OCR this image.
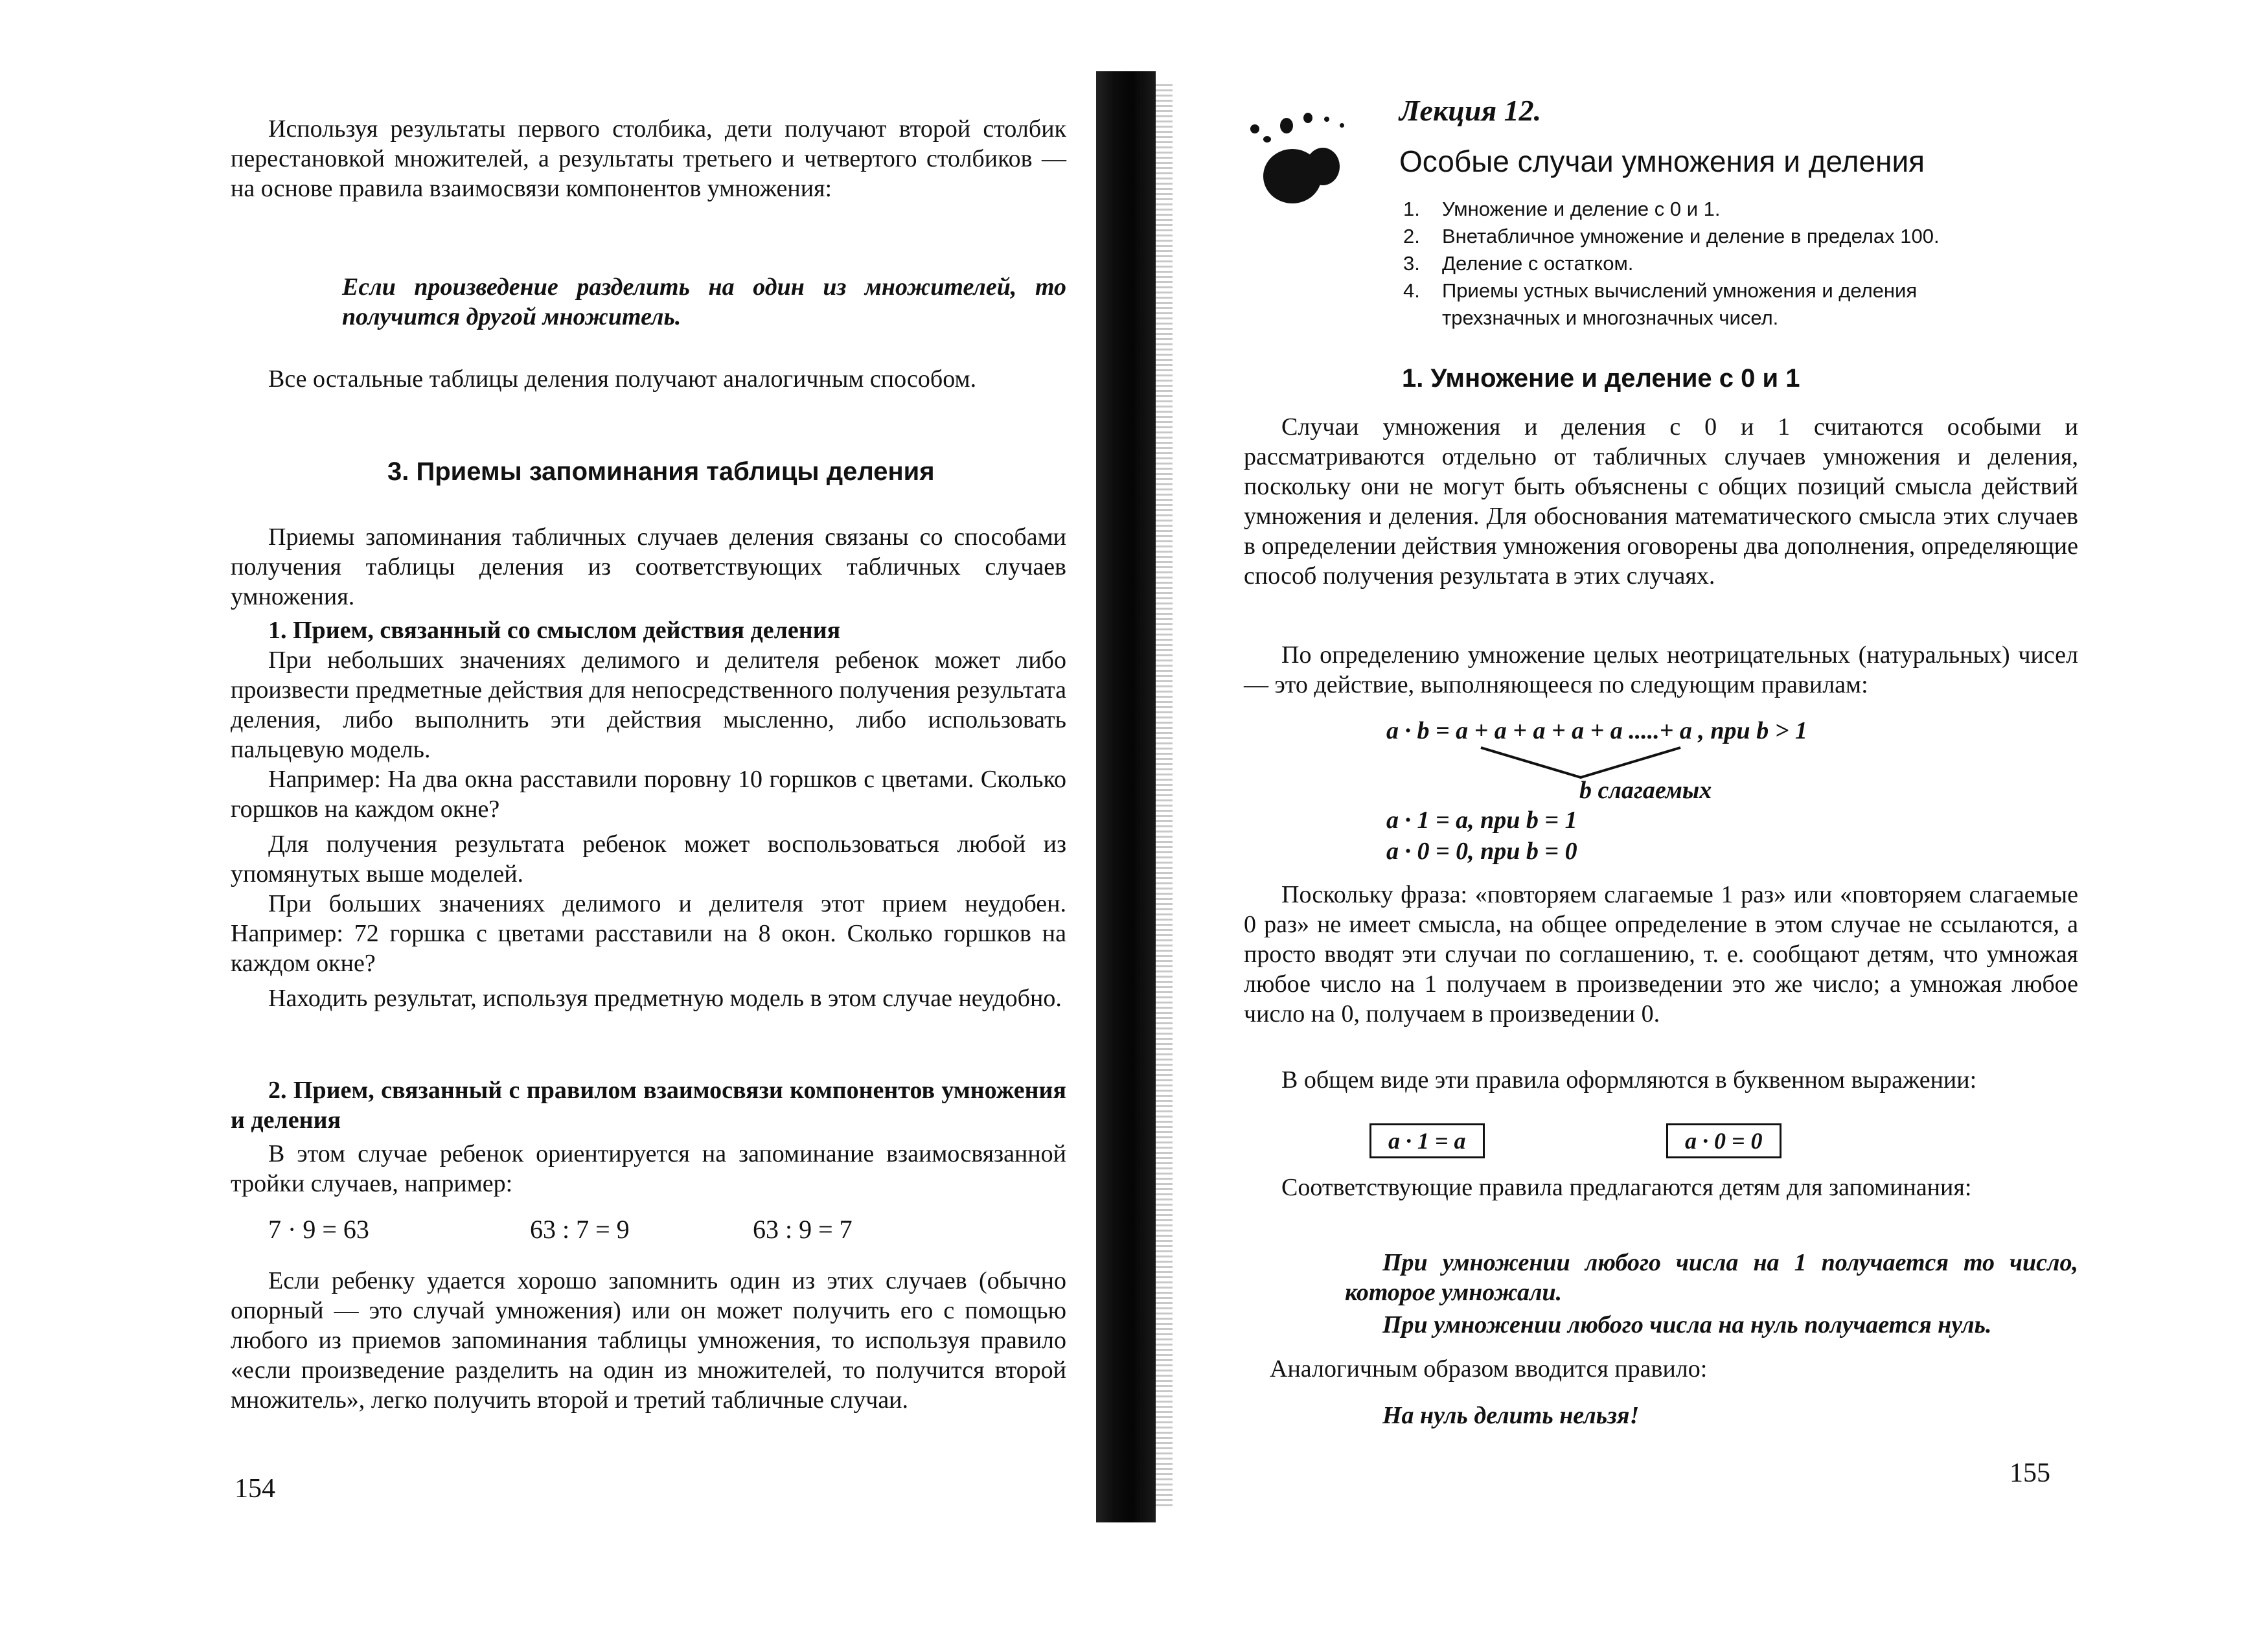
Используя результаты первого столбика, дети получают второй столбик перестановкой множителей, а результаты третьего и четвертого столбиков — на основе правила взаимосвязи компонентов умножения:

Если произведение разделить на один из множителей, то получится другой множитель.

Все остальные таблицы деления получают аналогичным способом.

3. Приемы запоминания таблицы деления

Приемы запоминания табличных случаев деления связаны со способами получения таблицы деления из соответствующих табличных случаев умножения.

1. Прием, связанный со смыслом действия деления

При небольших значениях делимого и делителя ребенок может либо произвести предметные действия для непосредственного получения результата деления, либо выполнить эти действия мысленно, либо использовать пальцевую модель.

Например: На два окна расставили поровну 10 горшков с цветами. Сколько горшков на каждом окне?

Для получения результата ребенок может воспользоваться любой из упомянутых выше моделей.

При больших значениях делимого и делителя этот прием неудобен. Например: 72 горшка с цветами расставили на 8 окон. Сколько горшков на каждом окне?

Находить результат, используя предметную модель в этом случае неудобно.

2. Прием, связанный с правилом взаимосвязи компонентов умножения и деления

В этом случае ребенок ориентируется на запоминание взаимосвязанной тройки случаев, например:

7 · 9 = 63	63 : 7 = 9	63 : 9 = 7

Если ребенку удается хорошо запомнить один из этих случаев (обычно опорный — это случай умножения) или он может получить его с помощью любого из приемов запоминания таблицы умножения, то используя правило «если произведение разделить на один из множителей, то получится второй множитель», легко получить второй и третий табличные случаи.

154
Лекция 12.
Особые случаи умножения и деления
1. Умножение и деление с 0 и 1.
2. Внетабличное умножение и деление в пределах 100.
3. Деление с остатком.
4. Приемы устных вычислений умножения и деления трехзначных и многозначных чисел.
1. Умножение и деление с 0 и 1

Случаи умножения и деления с 0 и 1 считаются особыми и рассматриваются отдельно от табличных случаев умножения и деления, поскольку они не могут быть объяснены с общих позиций смысла действий умножения и деления. Для обоснования математического смысла этих случаев в определении действия умножения оговорены два дополнения, определяющие способ получения результата в этих случаях.

По определению умножение целых неотрицательных (натуральных) чисел — это действие, выполняющееся по следующим правилам:

a · b = a + a + a + a + a .....+ a , при b > 1
b слагаемых
a · 1 = a, при b = 1
a · 0 = 0, при b = 0

Поскольку фраза: «повторяем слагаемые 1 раз» или «повторяем слагаемые 0 раз» не имеет смысла, на общее определение в этом случае не ссылаются, а просто вводят эти случаи по соглашению, т. е. сообщают детям, что умножая любое число на 1 получаем в произведении это же число; а умножая любое число на 0, получаем в произведении 0.

В общем виде эти правила оформляются в буквенном выражении:

a · 1 = a	a · 0 = 0

Соответствующие правила предлагаются детям для запоминания:

При умножении любого числа на 1 получается то число, которое умножали.

При умножении любого числа на нуль получается нуль.

Аналогичным образом вводится правило:

На нуль делить нельзя!

155
